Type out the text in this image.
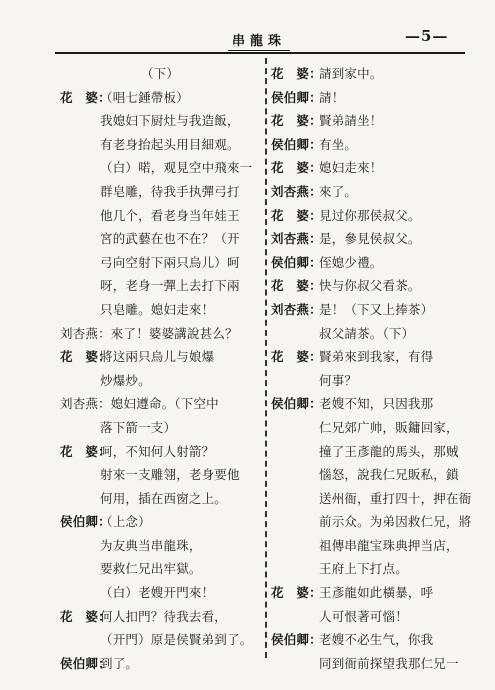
串龍珠	—5—
（下）
花　婆：
（唱七錘帶板）
我媳妇下厨灶与我造飯，
有老身抬起头用目細观。
（白）喏，观見空中飛來一
群皂雕，待我手执彈弓打
他几个，看老身当年娃王
宮的武藝在也不在？（开
弓向空射下兩只烏儿）呵
呀，老身一彈上去打下兩
只皂雕。媳妇走來！
刘杏燕：來了！婆婆講說甚么？
花　婆：
將这兩只烏儿与娘爆
炒爆炒。
刘杏燕：媳妇遵命。（下空中
落下箭一支）
花　婆：
呵，不知何人射箭？
射來一支雕翎，老身要他
何用，插在西窗之上。
侯伯卿：
（上念）
为友典当串龍珠，
要救仁兄出牢獄。
（白）老嫂开門來！
花　婆：
何人扣門？待我去看，
（开門）原是侯賢弟到了。
侯伯卿：
到了。
花　婆：
請到家中。
侯伯卿：
請！
花　婆：
賢弟請坐！
侯伯卿：
有坐。
花　婆：
媳妇走來！
刘杏燕：
來了。
花　婆：
見过你那侯叔父。
刘杏燕：
是，參見侯叔父。
侯伯卿：
侄媳少禮。
花　婆：
快与你叔父看茶。
刘杏燕：
是！（下又上捧茶）
叔父請茶。（下）
花　婆：
賢弟來到我家，有得
何事？
侯伯卿：
老嫂不知，只因我那
仁兄郊广帅，販鏞回家，
撞了王彥龍的馬头，那贼
惱怒，說我仁兄販私，鎖
送州衙，重打四十，押在衙
前示众。为弟因救仁兄，將
祖傳串龍宝珠典押当店，
王府上下打点。
花　婆：
王彥龍如此橫暴，呼
人可恨著可惱！
侯伯卿：
老嫂不必生气，你我
同到衙前探望我那仁兄一
